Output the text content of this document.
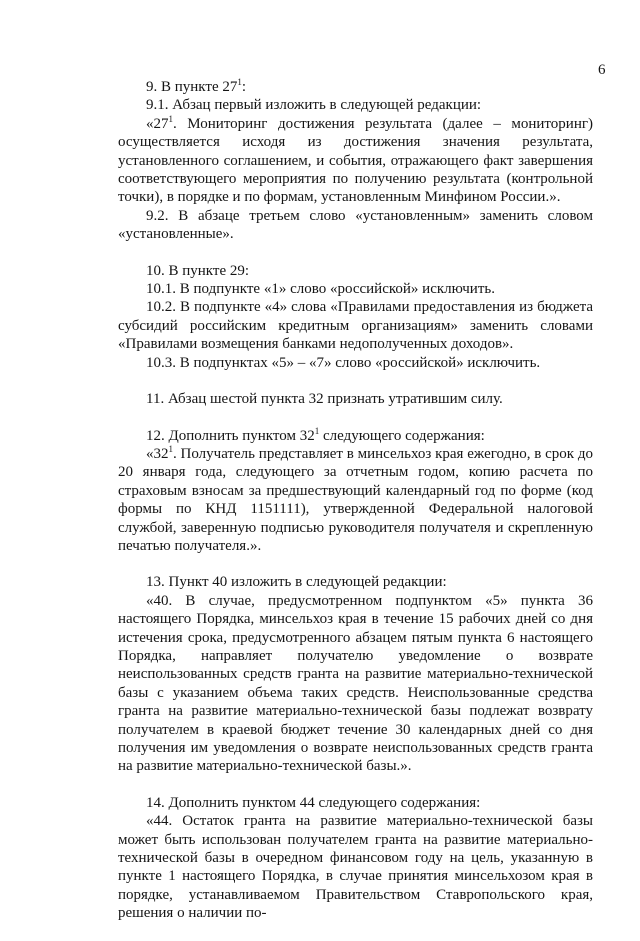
6

9. В пункте $27^1$:

9.1. Абзац первый изложить в следующей редакции:

«$27^1$. Мониторинг достижения результата (далее – мониторинг) осуществляется исходя из достижения значения результата, установленного соглашением, и события, отражающего факт завершения соответствующего мероприятия по получению результата (контрольной точки), в порядке и по формам, установленным Минфином России.».

9.2. В абзаце третьем слово «установленным» заменить словом «установленные».

10. В пункте 29:

10.1. В подпункте «1» слово «российской» исключить.

10.2. В подпункте «4» слова «Правилами предоставления из бюджета субсидий российским кредитным организациям» заменить словами «Правилами возмещения банками недополученных доходов».

10.3. В подпунктах «5» – «7» слово «российской» исключить.

11. Абзац шестой пункта 32 признать утратившим силу.

12. Дополнить пунктом $32^1$ следующего содержания:

«$32^1$. Получатель представляет в минсельхоз края ежегодно, в срок до 20 января года, следующего за отчетным годом, копию расчета по страховым взносам за предшествующий календарный год по форме (код формы по КНД 1151111), утвержденной Федеральной налоговой службой, заверенную подписью руководителя получателя и скрепленную печатью получателя.».

13. Пункт 40 изложить в следующей редакции:

«40. В случае, предусмотренном подпунктом «5» пункта 36 настоящего Порядка, минсельхоз края в течение 15 рабочих дней со дня истечения срока, предусмотренного абзацем пятым пункта 6 настоящего Порядка, направляет получателю уведомление о возврате неиспользованных средств гранта на развитие материально-технической базы с указанием объема таких средств. Неиспользованные средства гранта на развитие материально-технической базы подлежат возврату получателем в краевой бюджет течение 30 календарных дней со дня получения им уведомления о возврате неиспользованных средств гранта на развитие материально-технической базы.».

14. Дополнить пунктом 44 следующего содержания:

«44. Остаток гранта на развитие материально-технической базы может быть использован получателем гранта на развитие материально-технической базы в очередном финансовом году на цель, указанную в пункте 1 настоящего Порядка, в случае принятия минсельхозом края в порядке, устанавливаемом Правительством Ставропольского края, решения о наличии по-
